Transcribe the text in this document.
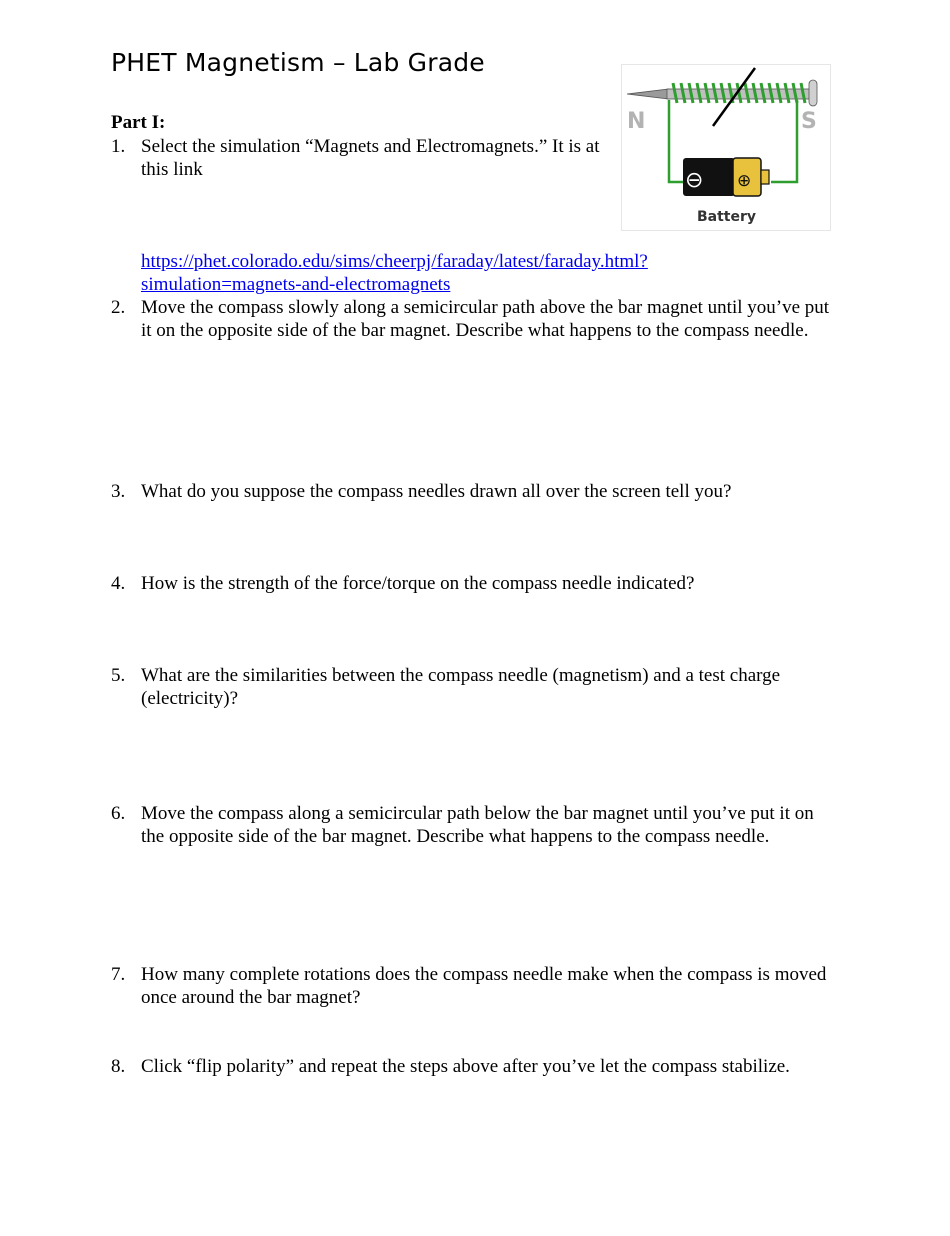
PHET Magnetism – Lab Grade
Part I:
1. Select the simulation “Magnets and Electromagnets.” It is at this link
N	S
⊖ ⊕
Battery
https://phet.colorado.edu/sims/cheerpj/faraday/latest/faraday.html?
simulation=magnets-and-electromagnets
2. Move the compass slowly along a semicircular path above the bar magnet until you’ve put it on the opposite side of the bar magnet. Describe what happens to the compass needle.
3. What do you suppose the compass needles drawn all over the screen tell you?
4. How is the strength of the force/torque on the compass needle indicated?
5. What are the similarities between the compass needle (magnetism) and a test charge (electricity)?
6. Move the compass along a semicircular path below the bar magnet until you’ve put it on the opposite side of the bar magnet. Describe what happens to the compass needle.
7. How many complete rotations does the compass needle make when the compass is moved once around the bar magnet?
8. Click “flip polarity” and repeat the steps above after you’ve let the compass stabilize.
